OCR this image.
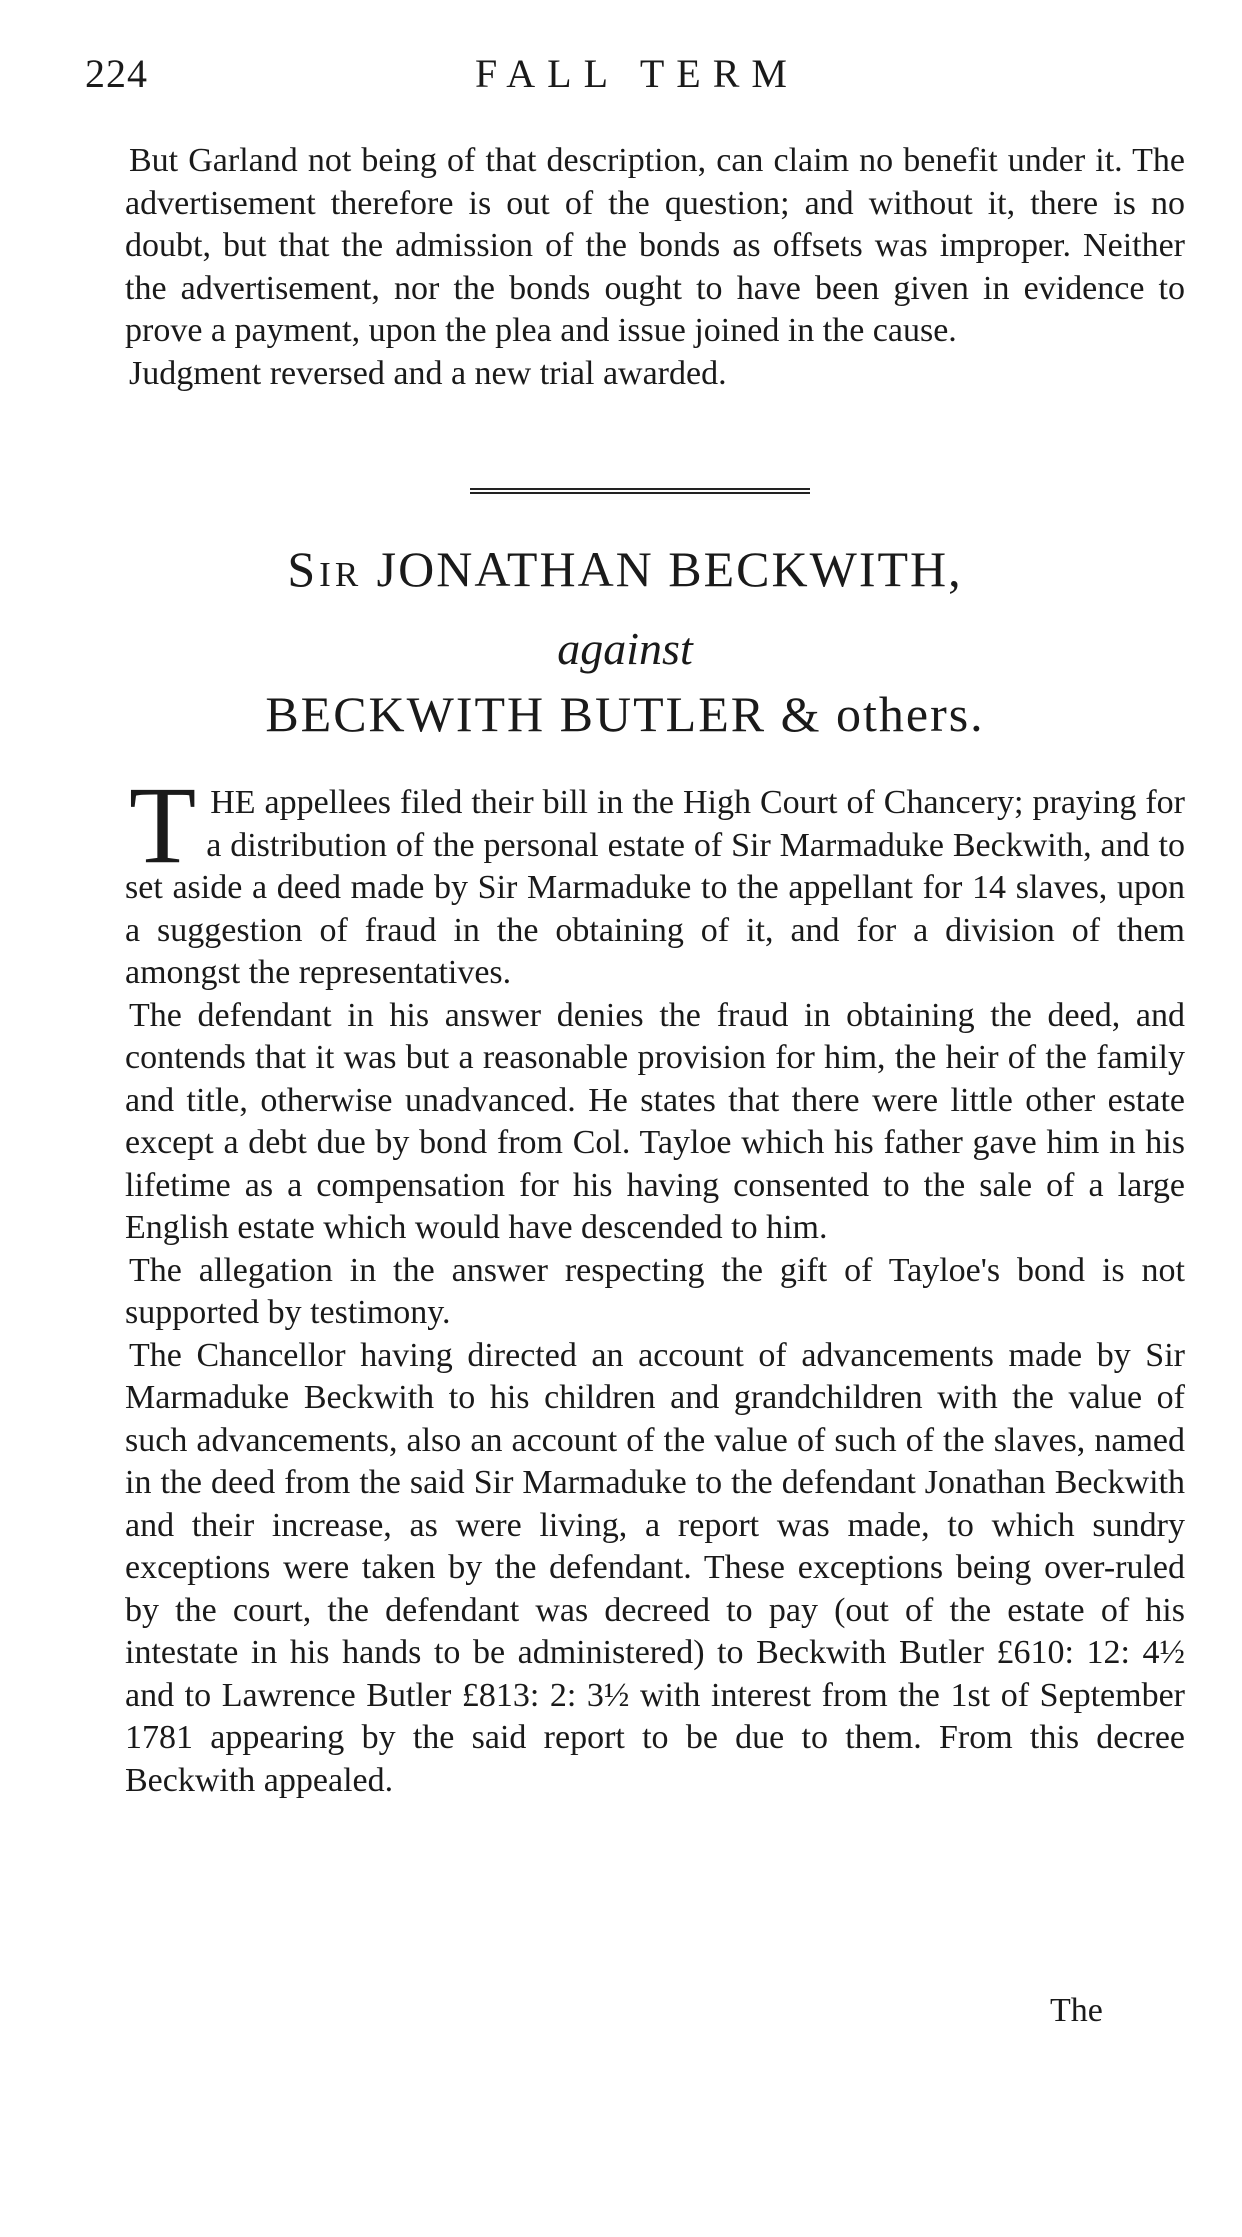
224	FALL TERM

But Garland not being of that description, can claim no benefit under it. The advertisement therefore is out of the question; and without it, there is no doubt, but that the admission of the bonds as offsets was improper. Neither the advertisement, nor the bonds ought to have been given in evidence to prove a payment, upon the plea and issue joined in the cause.

Judgment reversed and a new trial awarded.

Sir JONATHAN BECKWITH,
against
BECKWITH BUTLER & others.

T HE appellees filed their bill in the High Court of Chancery; praying for a distribution of the personal estate of Sir Marmaduke Beckwith, and to set aside a deed made by Sir Marmaduke to the appellant for 14 slaves, upon a suggestion of fraud in the obtaining of it, and for a division of them amongst the representatives.

The defendant in his answer denies the fraud in obtaining the deed, and contends that it was but a reasonable provision for him, the heir of the family and title, otherwise unadvanced. He states that there were little other estate except a debt due by bond from Col. Tayloe which his father gave him in his lifetime as a compensation for his having consented to the sale of a large English estate which would have descended to him.

The allegation in the answer respecting the gift of Tayloe's bond is not supported by testimony.

The Chancellor having directed an account of advancements made by Sir Marmaduke Beckwith to his children and grandchildren with the value of such advancements, also an account of the value of such of the slaves, named in the deed from the said Sir Marmaduke to the defendant Jonathan Beckwith and their increase, as were living, a report was made, to which sundry exceptions were taken by the defendant. These exceptions being over-ruled by the court, the defendant was decreed to pay (out of the estate of his intestate in his hands to be administered) to Beckwith Butler £610: 12: 4½ and to Lawrence Butler £813: 2: 3½ with interest from the 1st of September 1781 appearing by the said report to be due to them. From this decree Beckwith appealed.

The
